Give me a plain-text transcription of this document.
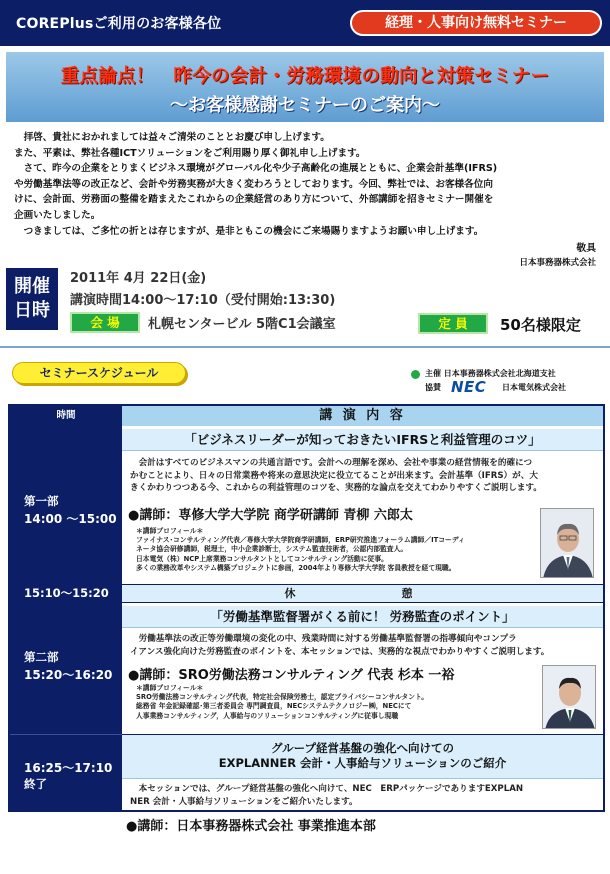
COREPlusご利用のお客様各位	経理・人事向け無料セミナー
重点論点！　昨今の会計・労務環境の動向と対策セミナー
～お客様感謝セミナーのご案内～

　拝啓、貴社におかれましては益々ご清栄のこととお慶び申し上げます。

また、平素は、弊社各種ICTソリューションをご利用賜り厚く御礼申し上げます。

　さて、昨今の企業をとりまくビジネス環境がグローバル化や少子高齢化の進展とともに、企業会計基準(IFRS)

や労働基準法等の改正など、会計や労務実務が大きく変わろうとしております。今回、弊社では、お客様各位向

けに、会計面、労務面の整備を踏まえたこれからの企業経営のあり方について、外部講師を招きセミナー開催を

企画いたしました。

　つきましては、ご多忙の折とは存じますが、是非ともこの機会にご来場賜りますようお願い申し上げます。

敬具
日本事務器株式会社
開催
日時
2011年 4月 22日(金)
講演時間14:00～17:10（受付開始:13:30)
会 場	札幌センタービル 5階C1会議室	定 員	50名様限定
セミナースケジュール	主催 日本事務器株式会社北海道支社
協賛 NEC 日本電気株式会社
時間	講 演 内 容
第一部
14:00 ～15:00
「ビジネスリーダーが知っておきたいIFRSと利益管理のコツ」

　会計はすべてのビジネスマンの共通言語です。会計への理解を深め、会社や事業の経営情報を的確につ

かむことにより、日々の日常業務や将来の意思決定に役立てることが出来ます。会計基準（IFRS）が、大

きくかわりつつある今、これからの利益管理のコツを、実務的な論点を交えてわかりやすくご説明します。

●講師：専修大学大学院 商学研講師 青柳 六郎太

＊講師プロフィール＊

ファイナス･コンサルティング代表／専修大学大学院商学研講師，ERP研究推進フォーラム講師／ITコーディ

ネータ協会研修講師，税理士，中小企業診断士，システム監査技術者，公認内部監査人。

日本電気（株）NCP上席業務コンサルタントとしてコンサルティング活動に従事。

多くの業務改革やシステム構築プロジェクトに参画，2004年より専修大学大学院 客員教授を経て現職。

15:10～15:20	休　　憩
第二部
15:20～16:20
「労働基準監督署がくる前に！ 労務監査のポイント」

　労働基準法の改正等労働環境の変化の中、残業時間に対する労働基準監督署の指導傾向やコンプラ

イアンス強化向けた労務監査のポイントを、本セッションでは、実務的な視点でわかりやすくご説明します。

●講師：SRO労働法務コンサルティング 代表 杉本 一裕

＊講師プロフィール＊

SRO労働法務コンサルティング代表，特定社会保険労務士，認定プライバシーコンサルタント。

総務省 年金記録確認･第三者委員会 専門調査員，NECシステムテクノロジー㈱，NECにて

人事業務コンサルティング，人事給与のソリューションコンサルティングに従事し現職

16:25～17:10
終了
グループ経営基盤の強化へ向けての
EXPLANNER 会計・人事給与ソリューションのご紹介

　本セッションでは、グループ経営基盤の強化へ向けて、NEC　ERPパッケージでありますEXPLAN

NER 会計・人事給与ソリューションをご紹介いたします。

●講師：日本事務器株式会社 事業推進本部
